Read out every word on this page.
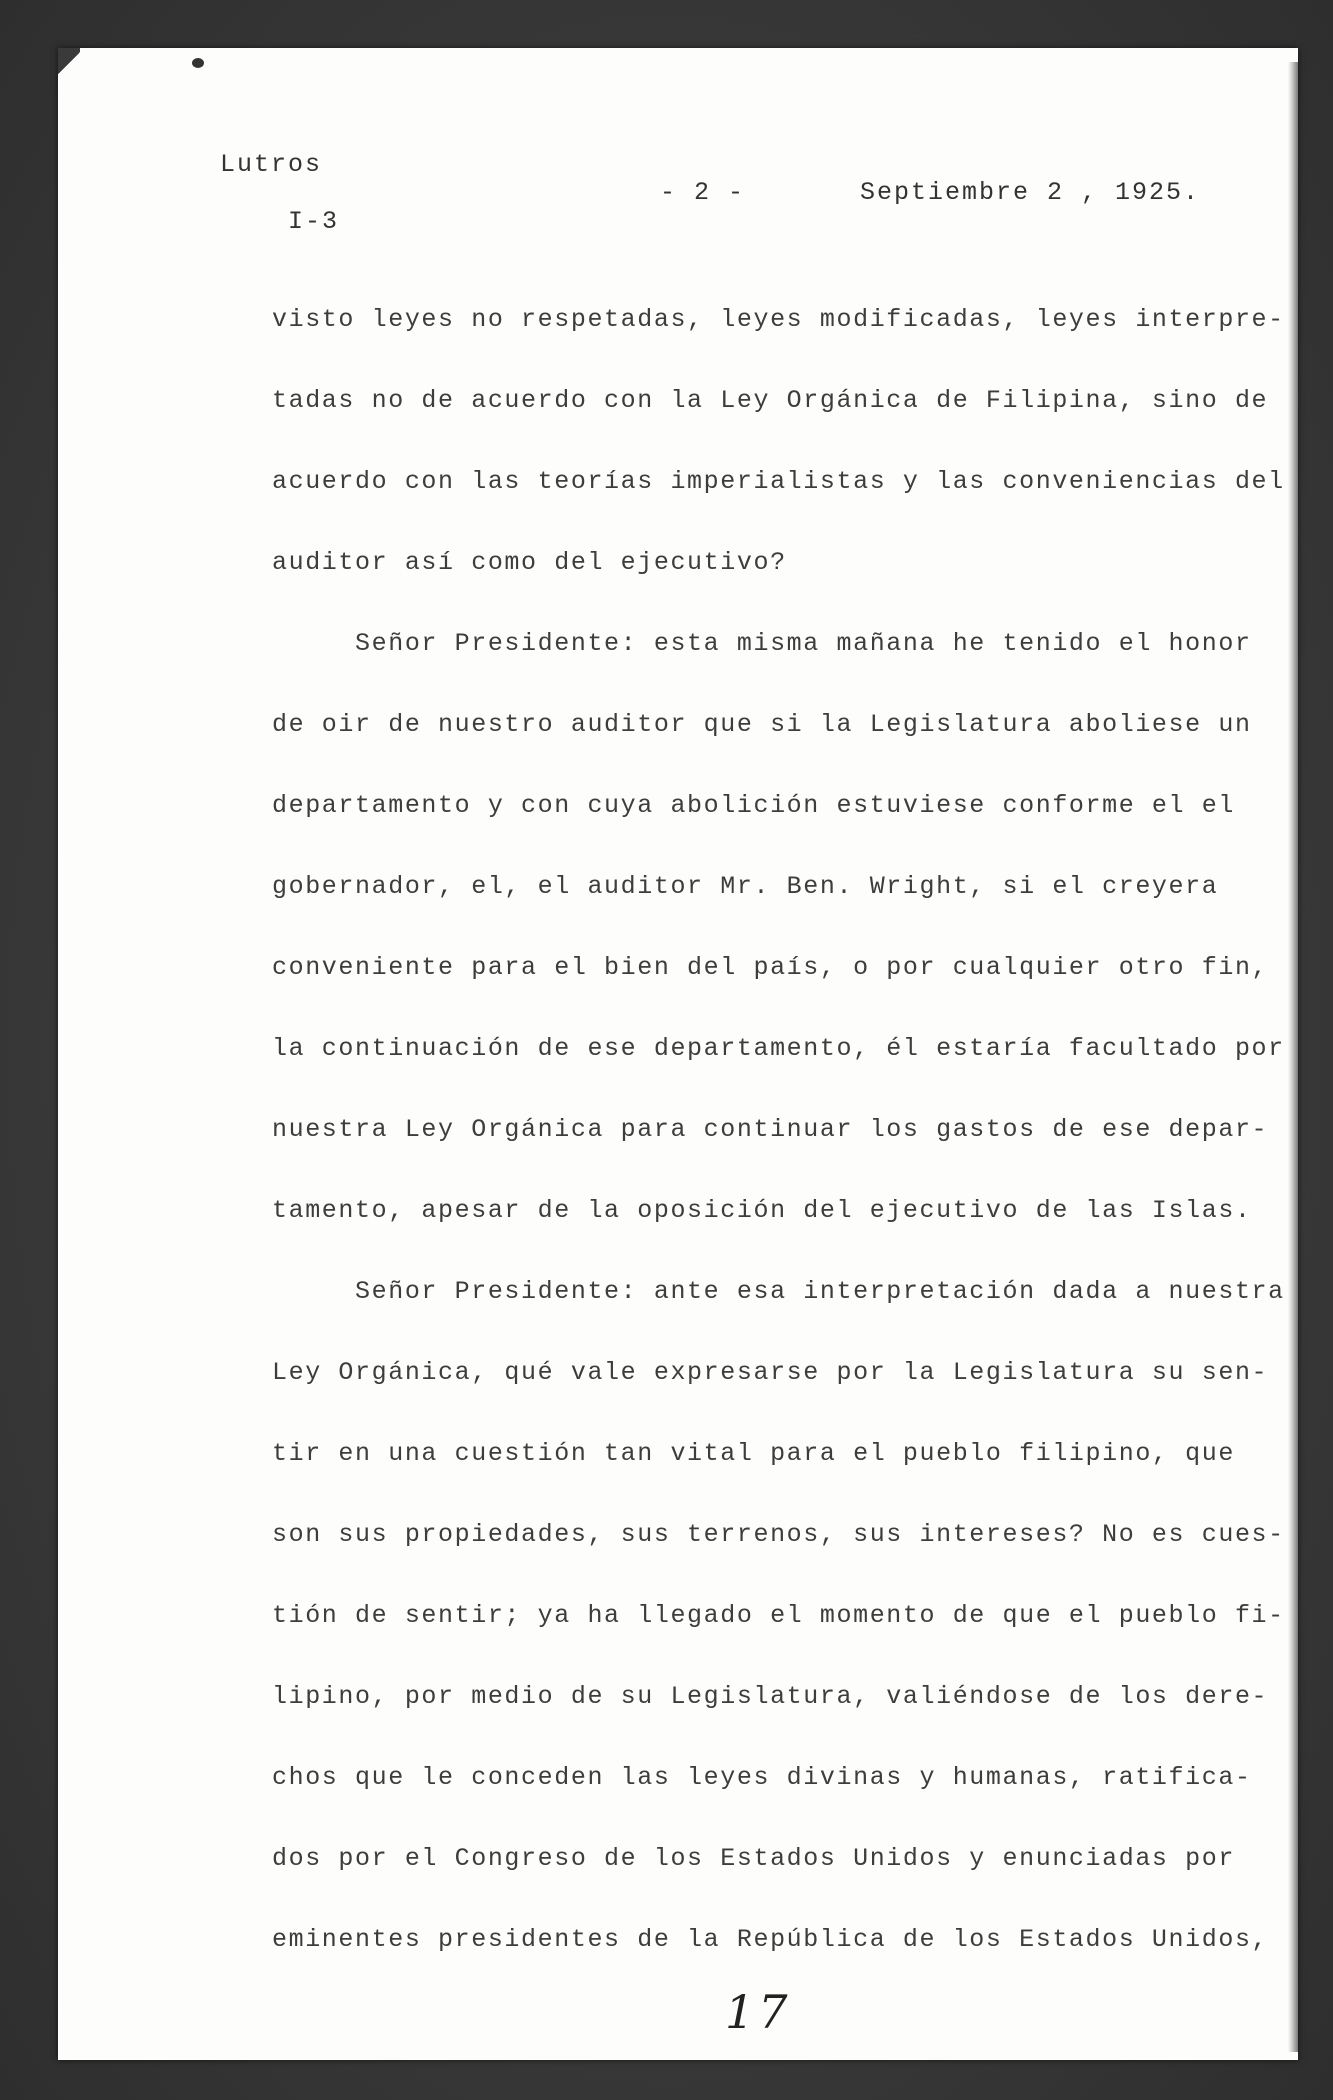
Lutros

I-3

- 2 -

	Septiembre 2 , 1925.

visto leyes no respetadas, leyes modificadas, leyes interpre-
tadas no de acuerdo con la Ley Orgánica de Filipina, sino de
acuerdo con las teorías imperialistas y las conveniencias del
auditor así como del ejecutivo?
Señor Presidente: esta misma mañana he tenido el honor
de oir de nuestro auditor que si la Legislatura aboliese un
departamento y con cuya abolición estuviese conforme el el
gobernador, el, el auditor Mr. Ben. Wright, si el creyera
conveniente para el bien del país, o por cualquier otro fin,
la continuación de ese departamento, él estaría facultado por
nuestra Ley Orgánica para continuar los gastos de ese depar-
tamento, apesar de la oposición del ejecutivo de las Islas.
Señor Presidente: ante esa interpretación dada a nuestra
Ley Orgánica, qué vale expresarse por la Legislatura su sen-
tir en una cuestión tan vital para el pueblo filipino, que
son sus propiedades, sus terrenos, sus intereses? No es cues-
tión de sentir; ya ha llegado el momento de que el pueblo fi-
lipino, por medio de su Legislatura, valiéndose de los dere-
chos que le conceden las leyes divinas y humanas, ratifica-
dos por el Congreso de los Estados Unidos y enunciadas por
eminentes presidentes de la República de los Estados Unidos,
17
